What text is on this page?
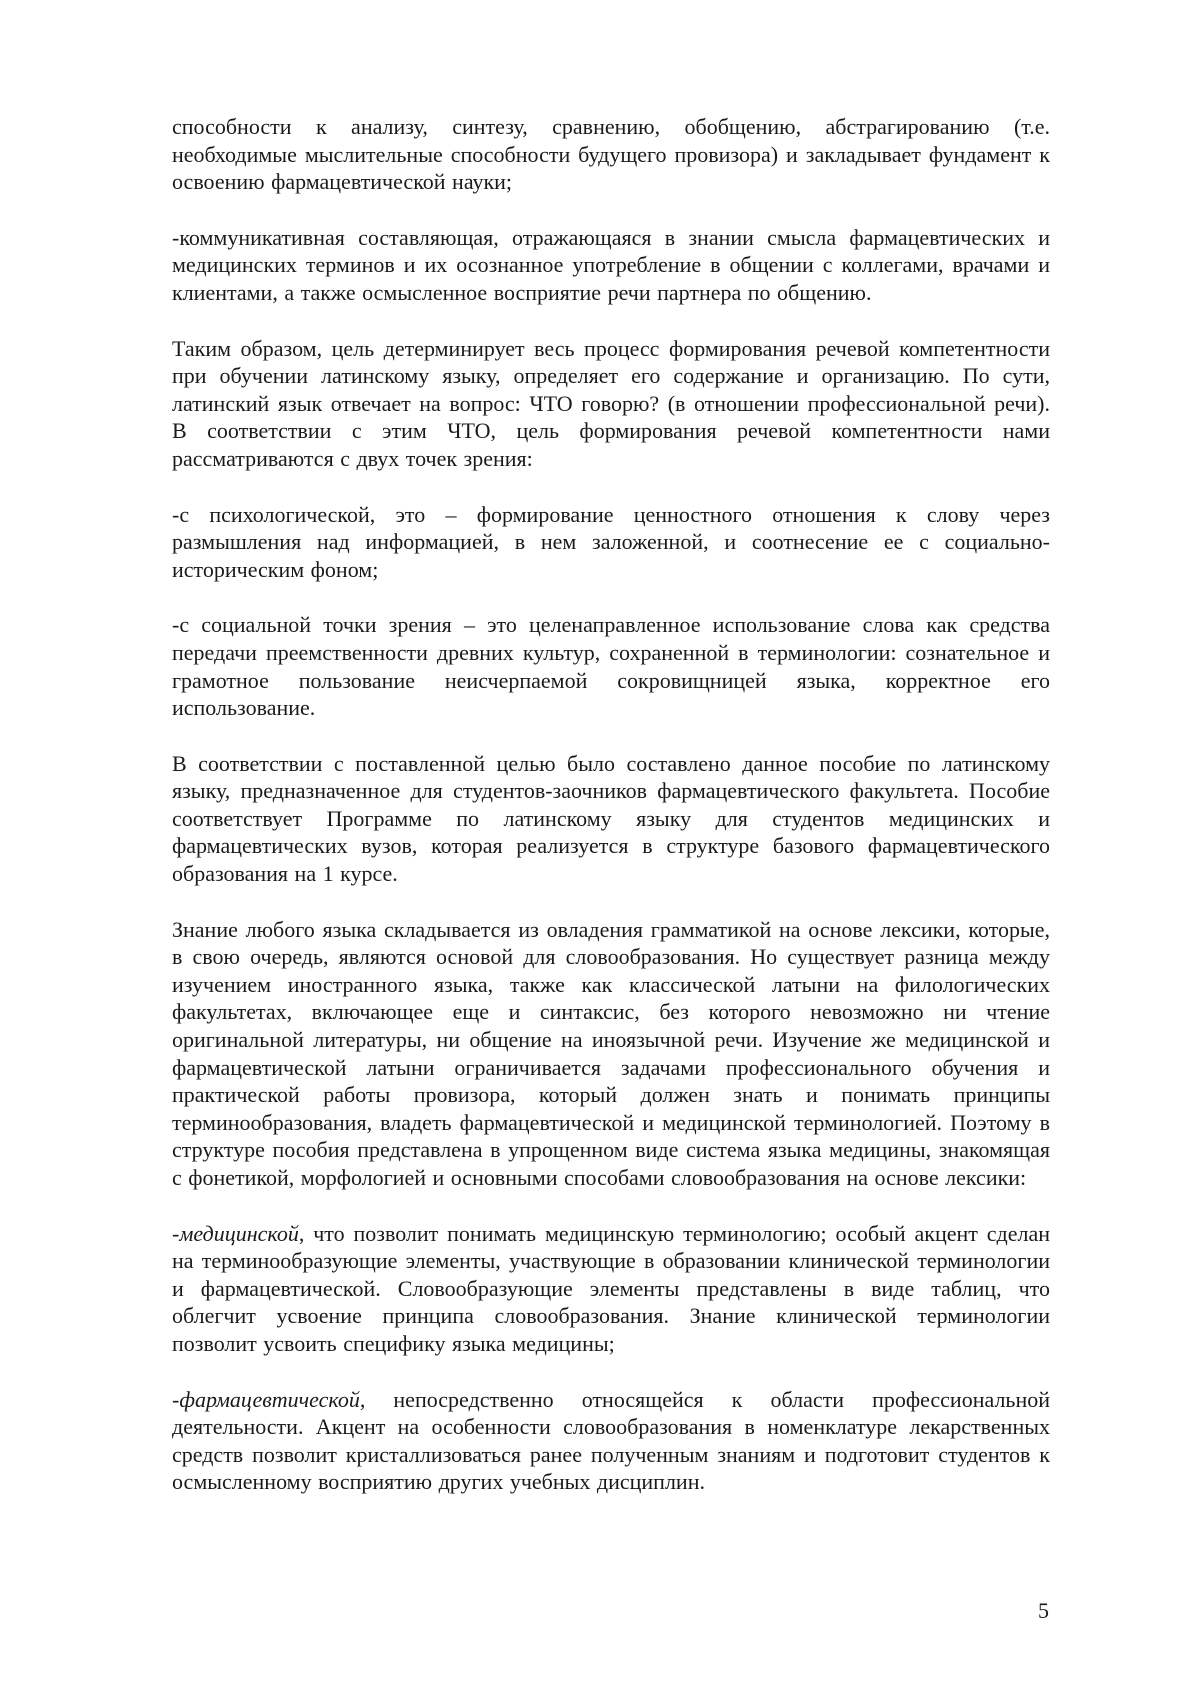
способности к анализу, синтезу, сравнению, обобщению, абстрагированию (т.е. необходимые мыслительные способности будущего провизора) и закладывает фундамент к освоению фармацевтической науки;

-коммуникативная составляющая, отражающаяся в знании смысла фармацевтических и медицинских терминов и их осознанное употребление в общении с коллегами, врачами и клиентами, а также осмысленное восприятие речи партнера по общению.

Таким образом, цель детерминирует весь процесс формирования речевой компетентности при обучении латинскому языку, определяет его содержание и организацию. По сути, латинский язык отвечает на вопрос: ЧТО говорю? (в отношении профессиональной речи). В соответствии с этим ЧТО, цель формирования речевой компетентности нами рассматриваются с двух точек зрения:

-с психологической, это – формирование ценностного отношения к слову через размышления над информацией, в нем заложенной, и соотнесение ее с социально-историческим фоном;

-с социальной точки зрения – это целенаправленное использование слова как средства передачи преемственности древних культур, сохраненной в терминологии: сознательное и грамотное пользование неисчерпаемой сокровищницей языка, корректное его использование.

В соответствии с поставленной целью было составлено данное пособие по латинскому языку, предназначенное для студентов-заочников фармацевтического факультета. Пособие соответствует Программе по латинскому языку для студентов медицинских и фармацевтических вузов, которая реализуется в структуре базового фармацевтического образования на 1 курсе.

Знание любого языка складывается из овладения грамматикой на основе лексики, которые, в свою очередь, являются основой для словообразования. Но существует разница между изучением иностранного языка, также как классической латыни на филологических факультетах, включающее еще и синтаксис, без которого невозможно ни чтение оригинальной литературы, ни общение на иноязычной речи. Изучение же медицинской и фармацевтической латыни ограничивается задачами профессионального обучения и практической работы провизора, который должен знать и понимать принципы терминообразования, владеть фармацевтической и медицинской терминологией. Поэтому в структуре пособия представлена в упрощенном виде система языка медицины, знакомящая с фонетикой, морфологией и основными способами словообразования на основе лексики:

-медицинской, что позволит понимать медицинскую терминологию; особый акцент сделан на терминообразующие элементы, участвующие в образовании клинической терминологии и фармацевтической. Словообразующие элементы представлены в виде таблиц, что облегчит усвоение принципа словообразования. Знание клинической терминологии позволит усвоить специфику языка медицины;

-фармацевтической, непосредственно относящейся к области профессиональной деятельности. Акцент на особенности словообразования в номенклатуре лекарственных средств позволит кристаллизоваться ранее полученным знаниям и подготовит студентов к осмысленному восприятию других учебных дисциплин.

5
